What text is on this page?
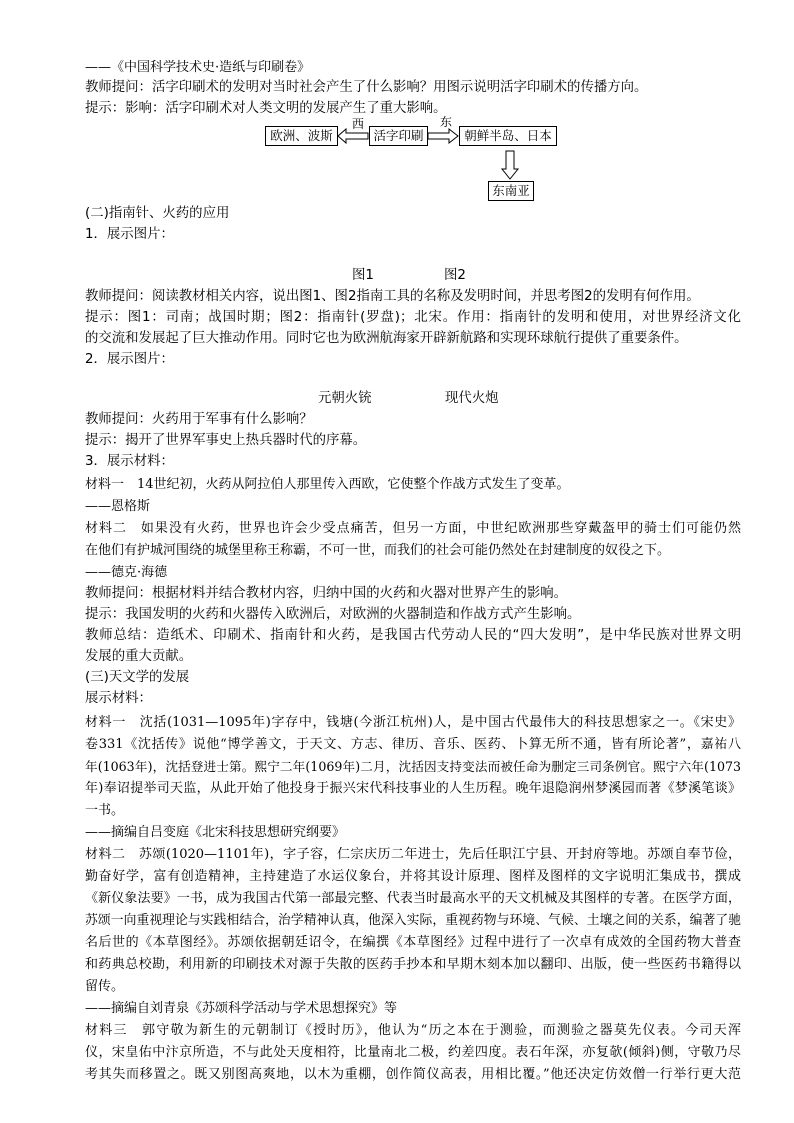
——《中国科学技术史·造纸与印刷卷》
教师提问：活字印刷术的发明对当时社会产生了什么影响？用图示说明活字印刷术的传播方向。
提示：影响：活字印刷术对人类文明的发展产生了重大影响。
欧洲、波斯	活字印刷	朝鲜半岛、日本
东南亚
西	东
(二)指南针、火药的应用
1．展示图片：
图1	图2
教师提问：阅读教材相关内容，说出图1、图2指南工具的名称及发明时间，并思考图2的发明有何作用。
提示：图1：司南；战国时期；图2：指南针(罗盘)；北宋。作用：指南针的发明和使用，对世界经济文化
的交流和发展起了巨大推动作用。同时它也为欧洲航海家开辟新航路和实现环球航行提供了重要条件。
2．展示图片：
元朝火铳	现代火炮
教师提问：火药用于军事有什么影响？
提示：揭开了世界军事史上热兵器时代的序幕。
3．展示材料：
材料一　14世纪初，火药从阿拉伯人那里传入西欧，它使整个作战方式发生了变革。
——恩格斯
材料二　如果没有火药，世界也许会少受点痛苦，但另一方面，中世纪欧洲那些穿戴盔甲的骑士们可能仍然
在他们有护城河围绕的城堡里称王称霸，不可一世，而我们的社会可能仍然处在封建制度的奴役之下。
——德克·海德
教师提问：根据材料并结合教材内容，归纳中国的火药和火器对世界产生的影响。
提示：我国发明的火药和火器传入欧洲后，对欧洲的火器制造和作战方式产生影响。
教师总结：造纸术、印刷术、指南针和火药，是我国古代劳动人民的“四大发明”，是中华民族对世界文明
发展的重大贡献。
(三)天文学的发展
展示材料：
材料一　沈括(1031—1095年)字存中，钱塘(今浙江杭州)人，是中国古代最伟大的科技思想家之一。《宋史》
卷331《沈括传》说他“博学善文，于天文、方志、律历、音乐、医药、卜算无所不通，皆有所论著”，嘉祐八
年(1063年)，沈括登进士第。熙宁二年(1069年)二月，沈括因支持变法而被任命为删定三司条例官。熙宁六年(1073
年)奉诏提举司天监，从此开始了他投身于振兴宋代科技事业的人生历程。晚年退隐润州梦溪园而著《梦溪笔谈》
一书。
——摘编自吕变庭《北宋科技思想研究纲要》
材料二　苏颂(1020—1101年)，字子容，仁宗庆历二年进士，先后任职江宁县、开封府等地。苏颂自奉节俭，
勤奋好学，富有创造精神，主持建造了水运仪象台，并将其设计原理、图样及图样的文字说明汇集成书，撰成
《新仪象法要》一书，成为我国古代第一部最完整、代表当时最高水平的天文机械及其图样的专著。在医学方面，
苏颂一向重视理论与实践相结合，治学精神认真，他深入实际，重视药物与环境、气候、土壤之间的关系，编著了驰
名后世的《本草图经》。苏颂依据朝廷诏令，在编撰《本草图经》过程中进行了一次卓有成效的全国药物大普查
和药典总校勘，利用新的印刷技术对源于失散的医药手抄本和早期木刻本加以翻印、出版，使一些医药书籍得以
留传。
——摘编自刘青泉《苏颂科学活动与学术思想探究》等
材料三　郭守敬为新生的元朝制订《授时历》，他认为“历之本在于测验，而测验之器莫先仪表。今司天浑
仪，宋皇佑中汴京所造，不与此处天度相符，比量南北二极，约差四度。表石年深，亦复欹(倾斜)侧，守敬乃尽
考其失而移置之。既又别图高爽地，以木为重棚，创作简仪高表，用相比覆。”他还决定仿效僧一行举行更大范
